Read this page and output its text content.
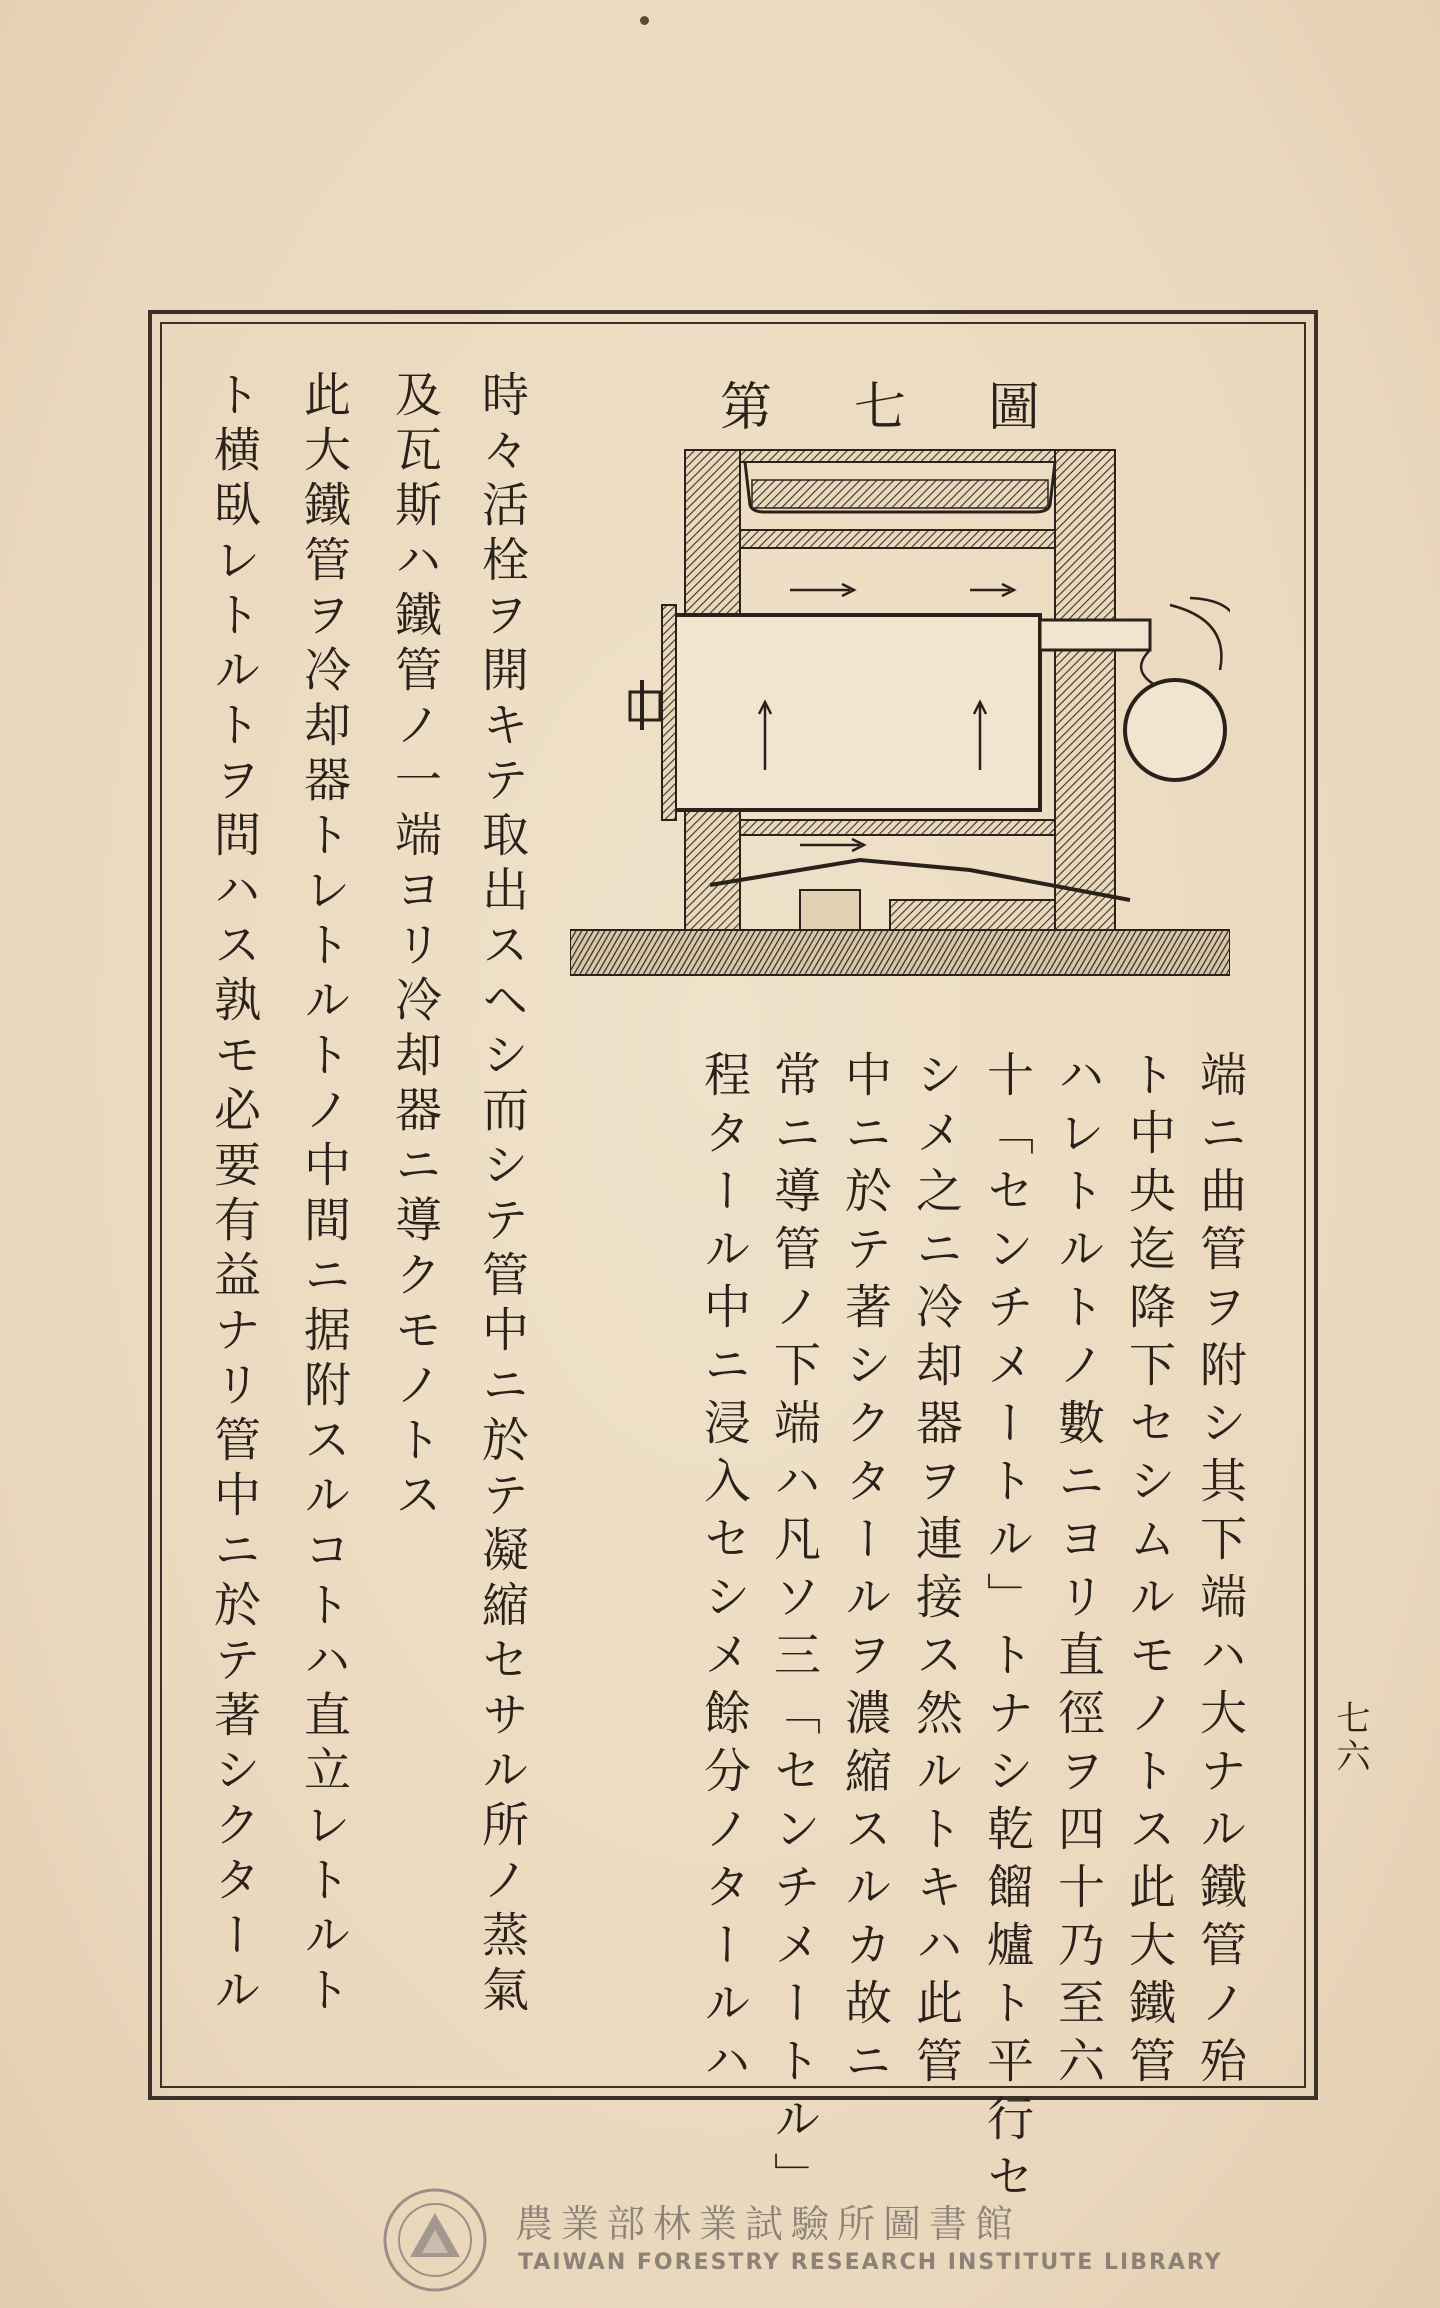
第七圖
端ニ曲管ヲ附シ其下端ハ大ナル鐵管ノ殆
ト中央迄降下セシムルモノトス此大鐵管
ハレトルトノ數ニヨリ直徑ヲ四十乃至六
十「センチメートル」トナシ乾餾爐ト平行セ
シメ之ニ冷却器ヲ連接ス然ルトキハ此管
中ニ於テ著シクタールヲ濃縮スルカ故ニ
常ニ導管ノ下端ハ凡ソ三「センチメートル」
程タール中ニ浸入セシメ餘分ノタールハ
時々活栓ヲ開キテ取出スヘシ而シテ管中ニ於テ凝縮セサル所ノ蒸氣
及瓦斯ハ鐵管ノ一端ヨリ冷却器ニ導クモノトス
此大鐵管ヲ冷却器トレトルトノ中間ニ据附スルコトハ直立レトルト
ト横臥レトルトヲ問ハス孰モ必要有益ナリ管中ニ於テ著シクタール	七六
農業部林業試驗所圖書館
TAIWAN FORESTRY RESEARCH INSTITUTE LIBRARY
